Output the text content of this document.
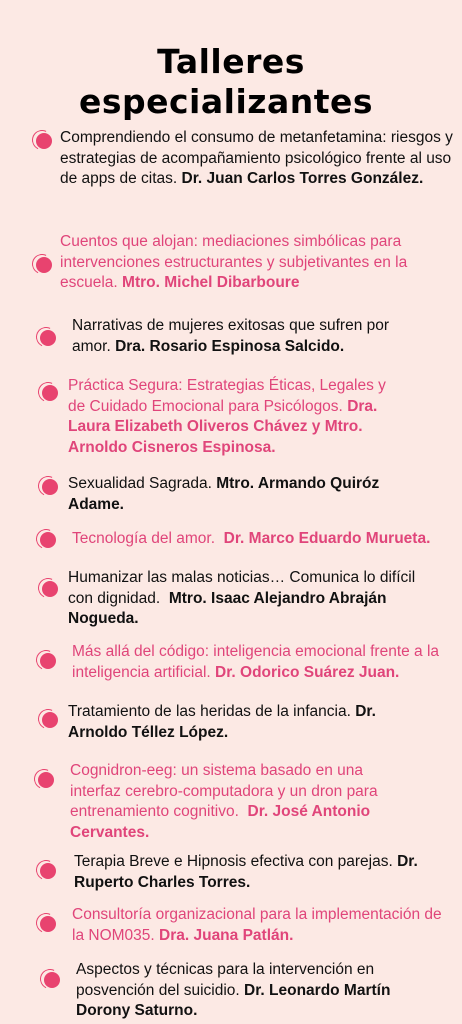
Talleres
especializantes
Comprendiendo el consumo de metanfetamina: riesgos y estrategias de acompañamiento psicológico frente al uso de apps de citas. Dr. Juan Carlos Torres González.
Cuentos que alojan: mediaciones simbólicas para intervenciones estructurantes y subjetivantes en la escuela. Mtro. Michel Dibarboure
Narrativas de mujeres exitosas que sufren por amor. Dra. Rosario Espinosa Salcido.
Práctica Segura: Estrategias Éticas, Legales y de Cuidado Emocional para Psicólogos. Dra. Laura Elizabeth Oliveros Chávez y Mtro. Arnoldo Cisneros Espinosa.
Sexualidad Sagrada. Mtro. Armando Quiróz Adame.
Tecnología del amor. Dr. Marco Eduardo Murueta.
Humanizar las malas noticias… Comunica lo difícil con dignidad. Mtro. Isaac Alejandro Abraján Nogueda.
Más allá del código: inteligencia emocional frente a la inteligencia artificial. Dr. Odorico Suárez Juan.
Tratamiento de las heridas de la infancia. Dr. Arnoldo Téllez López.
Cognidron-eeg: un sistema basado en una interfaz cerebro-computadora y un dron para entrenamiento cognitivo. Dr. José Antonio Cervantes.
Terapia Breve e Hipnosis efectiva con parejas. Dr. Ruperto Charles Torres.
Consultoría organizacional para la implementación de la NOM035. Dra. Juana Patlán.
Aspectos y técnicas para la intervención en posvención del suicidio. Dr. Leonardo Martín Dorony Saturno.
